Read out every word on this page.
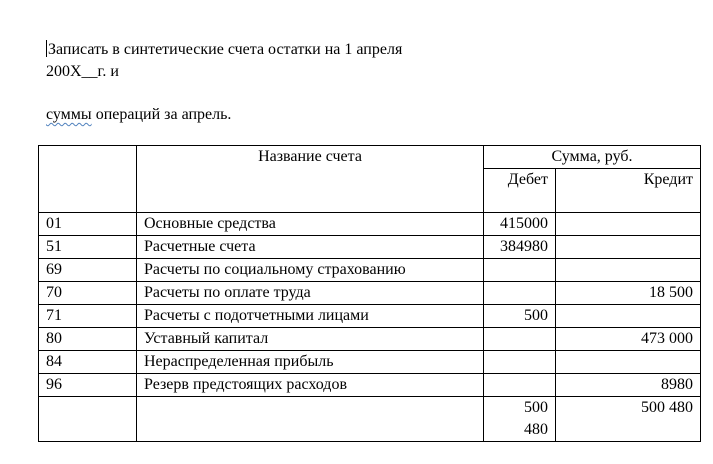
Записать в синтетические счета остатки на 1 апреля
200Х__г. и
суммы операций за апрель.
	Название счета	Сумма, руб.	
		Дебет	Кредит
01	Основные средства	415000	
51	Расчетные счета	384980	
69	Расчеты по социальному страхованию		
70	Расчеты по оплате труда		18 500
71	Расчеты с подотчетными лицами	500	
80	Уставный капитал		473 000
84	Нераспределенная прибыль		
96	Резерв предстоящих расходов		8980
		500 480	500 480
